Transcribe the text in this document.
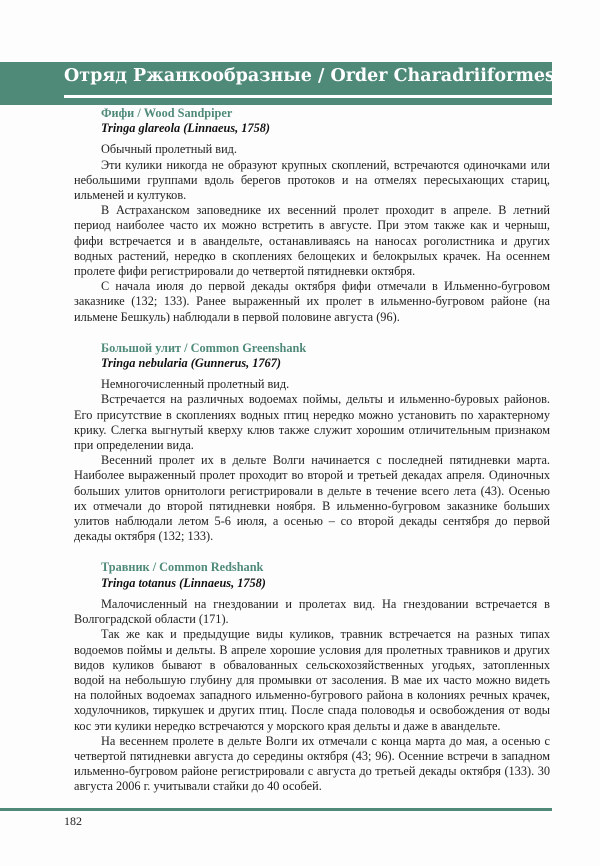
Отряд Ржанкообразные / Order Charadriiformes
Фифи / Wood Sandpiper
Tringa glareola (Linnaeus, 1758)

Обычный пролетный вид.

Эти кулики никогда не образуют крупных скоплений, встречаются одиночками или небольшими группами вдоль берегов протоков и на отмелях пересыхающих стариц, ильменей и култуков.

В Астраханском заповеднике их весенний пролет проходит в апреле. В летний период наиболее часто их можно встретить в августе. При этом также как и черныш, фифи встречается и в авандельте, останавливаясь на наносах роголистника и других водных растений, нередко в скоплениях белощеких и белокрылых крачек. На осеннем пролете фифи регистрировали до четвертой пятидневки октября.

С начала июля до первой декады октября фифи отмечали в Ильменно-бугровом заказнике (132; 133). Ранее выраженный их пролет в ильменно-бугровом районе (на ильмене Бешкуль) наблюдали в первой половине августа (96).

Большой улит / Common Greenshank
Tringa nebularia (Gunnerus, 1767)

Немногочисленный пролетный вид.

Встречается на различных водоемах поймы, дельты и ильменно-буровых районов. Его присутствие в скоплениях водных птиц нередко можно установить по характерному крику. Слегка выгнутый кверху клюв также служит хорошим отличительным признаком при определении вида.

Весенний пролет их в дельте Волги начинается с последней пятидневки марта. Наиболее выраженный пролет проходит во второй и третьей декадах апреля. Одиночных больших улитов орнитологи регистрировали в дельте в течение всего лета (43). Осенью их отмечали до второй пятидневки ноября. В ильменно-бугровом заказнике больших улитов наблюдали летом 5-6 июля, а осенью – со второй декады сентября до первой декады октября (132; 133).

Травник / Common Redshank
Tringa totanus (Linnaeus, 1758)

Малочисленный на гнездовании и пролетах вид. На гнездовании встречается в Волгоградской области (171).

Так же как и предыдущие виды куликов, травник встречается на разных типах водоемов поймы и дельты. В апреле хорошие условия для пролетных травников и других видов куликов бывают в обвалованных сельскохозяйственных угодьях, затопленных водой на небольшую глубину для промывки от засоления. В мае их часто можно видеть на полойных водоемах западного ильменно-бугрового района в колониях речных крачек, ходулочников, тиркушек и других птиц. После спада половодья и освобождения от воды кос эти кулики нередко встречаются у морского края дельты и даже в авандельте.

На весеннем пролете в дельте Волги их отмечали с конца марта до мая, а осенью с четвертой пятидневки августа до середины октября (43; 96). Осенние встречи в западном ильменно-бугровом районе регистрировали с августа до третьей декады октября (133). 30 августа 2006 г. учитывали стайки до 40 особей.

182
